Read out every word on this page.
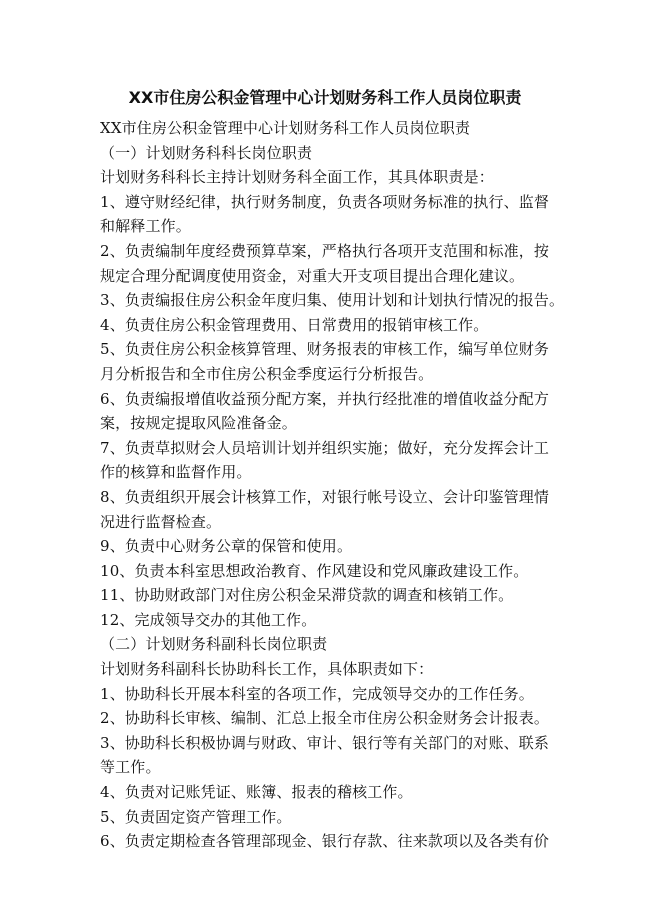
XX市住房公积金管理中心计划财务科工作人员岗位职责
XX市住房公积金管理中心计划财务科工作人员岗位职责
（一）计划财务科科长岗位职责
计划财务科科长主持计划财务科全面工作，其具体职责是：
1、遵守财经纪律，执行财务制度，负责各项财务标准的执行、监督
和解释工作。
2、负责编制年度经费预算草案，严格执行各项开支范围和标准，按
规定合理分配调度使用资金，对重大开支项目提出合理化建议。
3、负责编报住房公积金年度归集、使用计划和计划执行情况的报告。
4、负责住房公积金管理费用、日常费用的报销审核工作。
5、负责住房公积金核算管理、财务报表的审核工作，编写单位财务
月分析报告和全市住房公积金季度运行分析报告。
6、负责编报增值收益预分配方案，并执行经批准的增值收益分配方
案，按规定提取风险准备金。
7、负责草拟财会人员培训计划并组织实施；做好，充分发挥会计工
作的核算和监督作用。
8、负责组织开展会计核算工作，对银行帐号设立、会计印鉴管理情
况进行监督检查。
9、负责中心财务公章的保管和使用。
10、负责本科室思想政治教育、作风建设和党风廉政建设工作。
11、协助财政部门对住房公积金呆滞贷款的调查和核销工作。
12、完成领导交办的其他工作。
（二）计划财务科副科长岗位职责
计划财务科副科长协助科长工作，具体职责如下：
1、协助科长开展本科室的各项工作，完成领导交办的工作任务。
2、协助科长审核、编制、汇总上报全市住房公积金财务会计报表。
3、协助科长积极协调与财政、审计、银行等有关部门的对账、联系
等工作。
4、负责对记账凭证、账簿、报表的稽核工作。
5、负责固定资产管理工作。
6、负责定期检查各管理部现金、银行存款、往来款项以及各类有价
